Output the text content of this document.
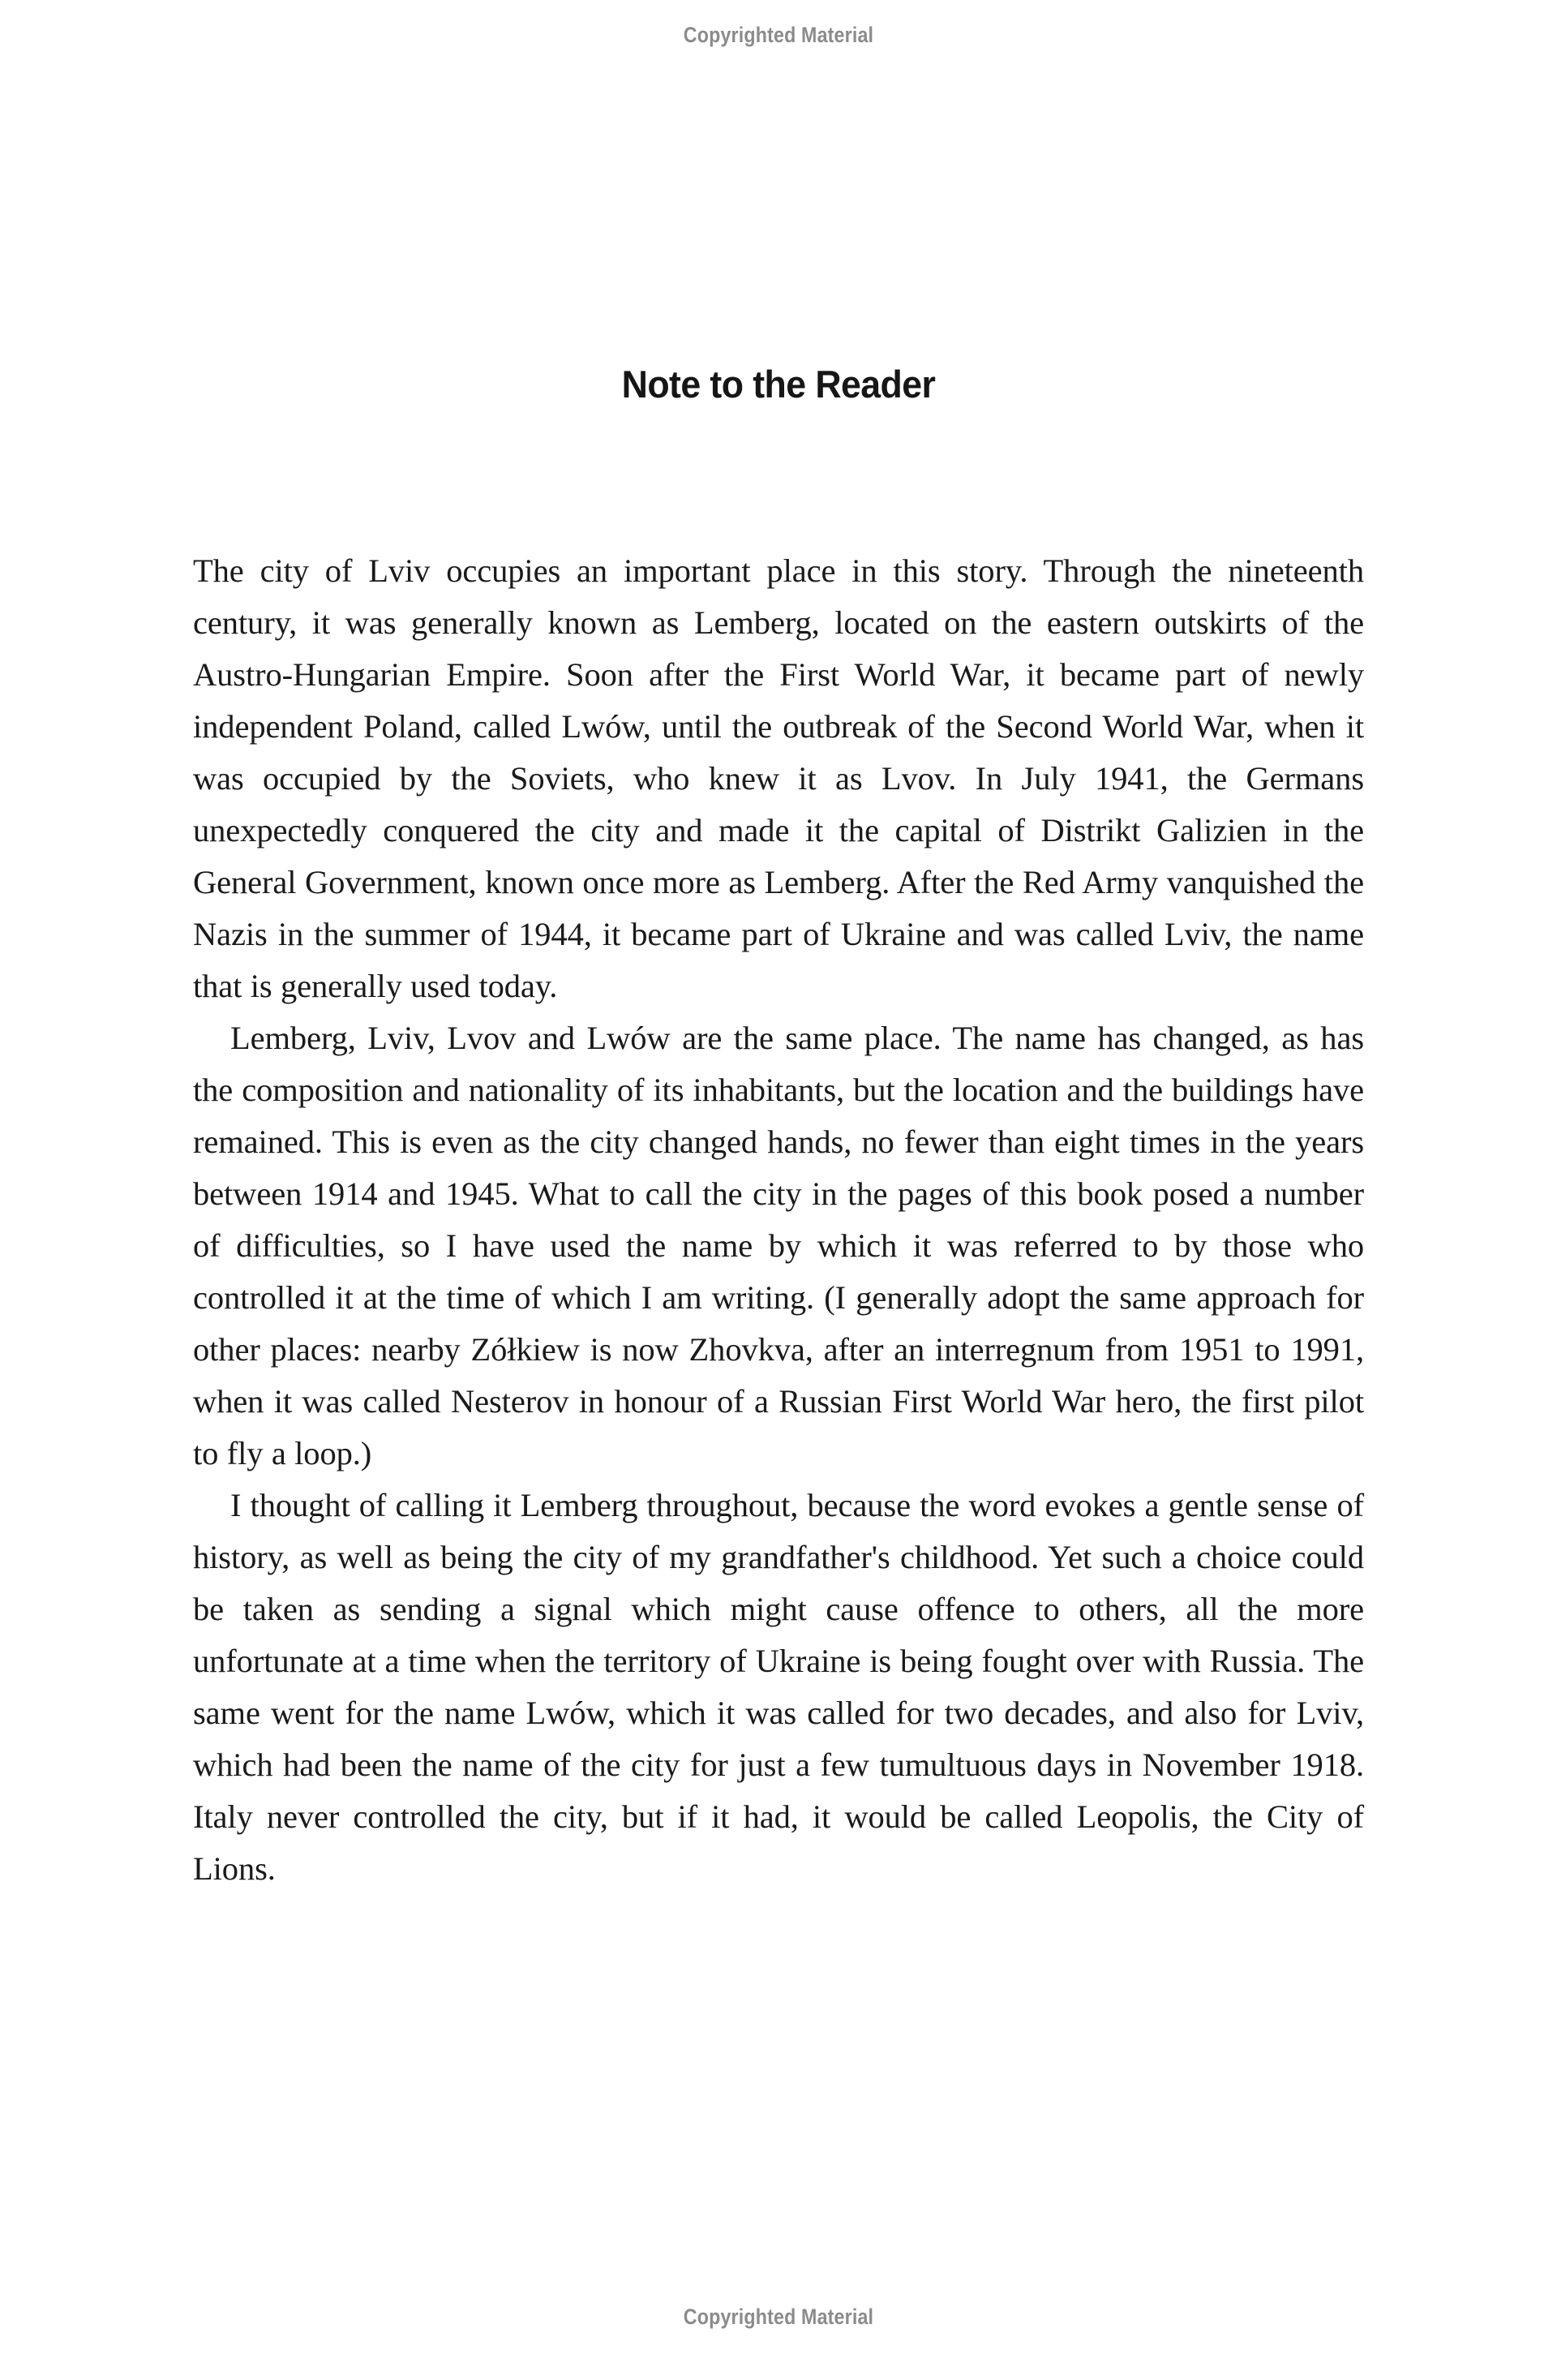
Copyrighted Material
Note to the Reader

The city of Lviv occupies an important place in this story. Through the nineteenth century, it was generally known as Lemberg, located on the eastern outskirts of the Austro-Hungarian Empire. Soon after the First World War, it became part of newly independent Poland, called Lwów, until the outbreak of the Second World War, when it was occupied by the Soviets, who knew it as Lvov. In July 1941, the Germans unexpectedly conquered the city and made it the capital of Distrikt Galizien in the General Government, known once more as Lemberg. After the Red Army vanquished the Nazis in the summer of 1944, it became part of Ukraine and was called Lviv, the name that is generally used today.

Lemberg, Lviv, Lvov and Lwów are the same place. The name has changed, as has the composition and nationality of its inhabitants, but the location and the buildings have remained. This is even as the city changed hands, no fewer than eight times in the years between 1914 and 1945. What to call the city in the pages of this book posed a number of difficulties, so I have used the name by which it was referred to by those who controlled it at the time of which I am writing. (I generally adopt the same approach for other places: nearby Zółkiew is now Zhovkva, after an interregnum from 1951 to 1991, when it was called Nesterov in honour of a Russian First World War hero, the first pilot to fly a loop.)

I thought of calling it Lemberg throughout, because the word evokes a gentle sense of history, as well as being the city of my grandfather's childhood. Yet such a choice could be taken as sending a signal which might cause offence to others, all the more unfortunate at a time when the territory of Ukraine is being fought over with Russia. The same went for the name Lwów, which it was called for two decades, and also for Lviv, which had been the name of the city for just a few tumultuous days in November 1918. Italy never controlled the city, but if it had, it would be called Leopolis, the City of Lions.

Copyrighted Material
